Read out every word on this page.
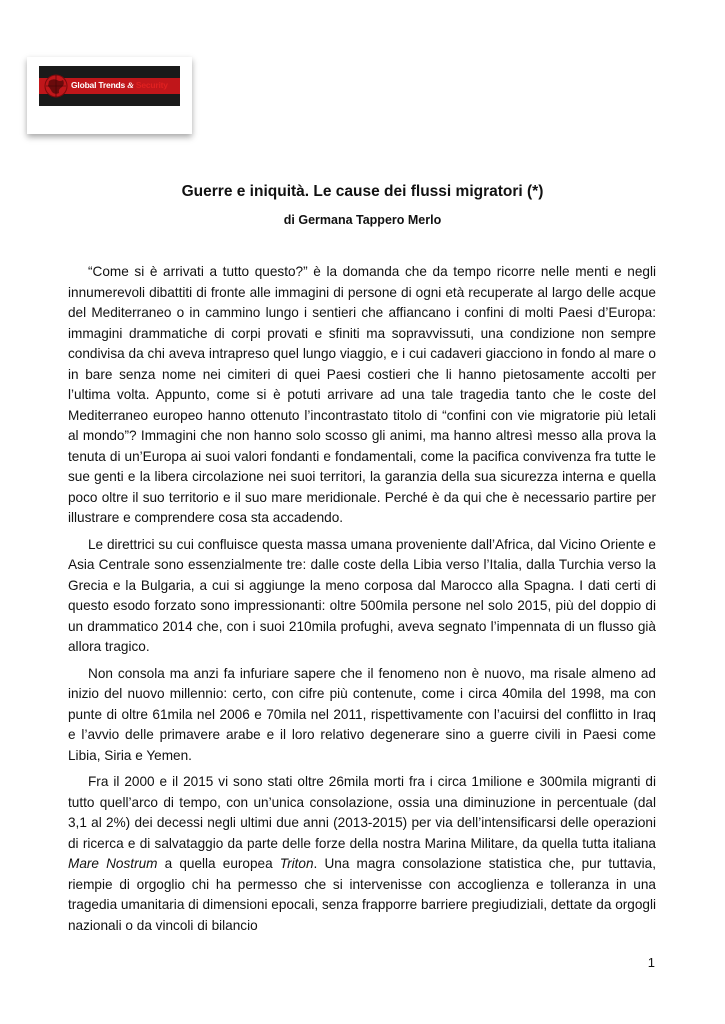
Global Trends & Security
Guerre e iniquità. Le cause dei flussi migratori (*)
di Germana Tappero Merlo

“Come si è arrivati a tutto questo?” è la domanda che da tempo ricorre nelle menti e negli innumerevoli dibattiti di fronte alle immagini di persone di ogni età recuperate al largo delle acque del Mediterraneo o in cammino lungo i sentieri che affiancano i confini di molti Paesi d’Europa: immagini drammatiche di corpi provati e sfiniti ma sopravvissuti, una condizione non sempre condivisa da chi aveva intrapreso quel lungo viaggio, e i cui cadaveri giacciono in fondo al mare o in bare senza nome nei cimiteri di quei Paesi costieri che li hanno pietosamente accolti per l’ultima volta. Appunto, come si è potuti arrivare ad una tale tragedia tanto che le coste del Mediterraneo europeo hanno ottenuto l’incontrastato titolo di “confini con vie migratorie più letali al mondo”? Immagini che non hanno solo scosso gli animi, ma hanno altresì messo alla prova la tenuta di un’Europa ai suoi valori fondanti e fondamentali, come la pacifica convivenza fra tutte le sue genti e la libera circolazione nei suoi territori, la garanzia della sua sicurezza interna e quella poco oltre il suo territorio e il suo mare meridionale. Perché è da qui che è necessario partire per illustrare e comprendere cosa sta accadendo.

Le direttrici su cui confluisce questa massa umana proveniente dall’Africa, dal Vicino Oriente e Asia Centrale sono essenzialmente tre: dalle coste della Libia verso l’Italia, dalla Turchia verso la Grecia e la Bulgaria, a cui si aggiunge la meno corposa dal Marocco alla Spagna. I dati certi di questo esodo forzato sono impressionanti: oltre 500mila persone nel solo 2015, più del doppio di un drammatico 2014 che, con i suoi 210mila profughi, aveva segnato l’impennata di un flusso già allora tragico.

Non consola ma anzi fa infuriare sapere che il fenomeno non è nuovo, ma risale almeno ad inizio del nuovo millennio: certo, con cifre più contenute, come i circa 40mila del 1998, ma con punte di oltre 61mila nel 2006 e 70mila nel 2011, rispettivamente con l’acuirsi del conflitto in Iraq e l’avvio delle primavere arabe e il loro relativo degenerare sino a guerre civili in Paesi come Libia, Siria e Yemen.

Fra il 2000 e il 2015 vi sono stati oltre 26mila morti fra i circa 1milione e 300mila migranti di tutto quell’arco di tempo, con un’unica consolazione, ossia una diminuzione in percentuale (dal 3,1 al 2%) dei decessi negli ultimi due anni (2013-2015) per via dell’intensificarsi delle operazioni di ricerca e di salvataggio da parte delle forze della nostra Marina Militare, da quella tutta italiana Mare Nostrum a quella europea Triton. Una magra consolazione statistica che, pur tuttavia, riempie di orgoglio chi ha permesso che si intervenisse con accoglienza e tolleranza in una tragedia umanitaria di dimensioni epocali, senza frapporre barriere pregiudiziali, dettate da orgogli nazionali o da vincoli di bilancio

1
